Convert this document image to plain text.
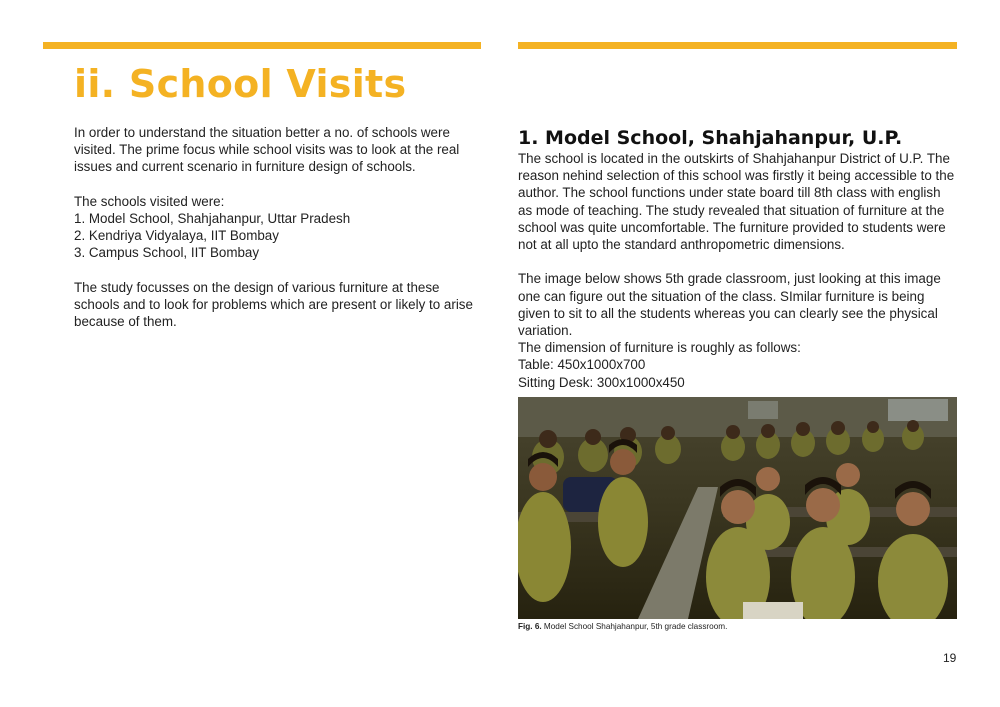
ii. School Visits

In order to understand the situation better a no. of schools were visited. The prime focus while school visits was to look at the real issues and current scenario in furniture design of schools.

The schools visited were:

1. Model School, Shahjahanpur, Uttar Pradesh

2. Kendriya Vidyalaya, IIT Bombay

3. Campus School, IIT Bombay

The study focusses on the design of various furniture at these schools and to look for problems which are present or likely to arise because of them.

1. Model School, Shahjahanpur, U.P.

The school is located in the outskirts of Shahjahanpur District of U.P. The reason nehind selection of this school was firstly it being accessible to the author. The school functions under state board till 8th class with english as mode of teaching. The study revealed that situation of furniture at the school was quite uncomfortable. The furniture provided to students were not at all upto the standard anthropometric dimensions.

The image below shows 5th grade classroom, just looking at this image one can figure out the situation of the class. SImilar furniture is being given to sit to all the students whereas you can clearly see the physical variation.

The dimension of furniture is roughly as follows:

Table: 450x1000x700

Sitting Desk: 300x1000x450

Fig. 6. Model School Shahjahanpur, 5th grade classroom.
19
